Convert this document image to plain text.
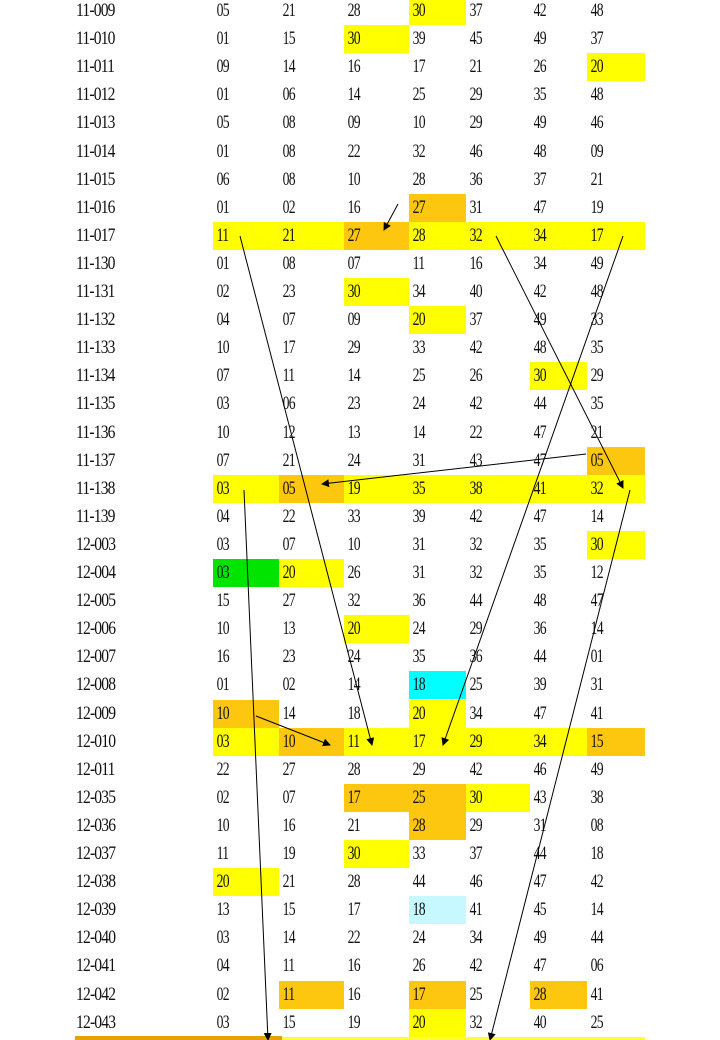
11-009	05	21	28	30	37	42	48
11-010	01	15	30	39	45	49	37
11-011	09	14	16	17	21	26	20
11-012	01	06	14	25	29	35	48
11-013	05	08	09	10	29	49	46
11-014	01	08	22	32	46	48	09
11-015	06	08	10	28	36	37	21
11-016	01	02	16	27	31	47	19
11-017	11	21	27	28	32	34	17
11-130	01	08	07	11	16	34	49
11-131	02	23	30	34	40	42	48
11-132	04	07	09	20	37	49	33
11-133	10	17	29	33	42	48	35
11-134	07	11	14	25	26	30	29
11-135	03	06	23	24	42	44	35
11-136	10	12	13	14	22	47	21
11-137	07	21	24	31	43	47	05
11-138	03	05	19	35	38	41	32
11-139	04	22	33	39	42	47	14
12-003	03	07	10	31	32	35	30
12-004	03	20	26	31	32	35	12
12-005	15	27	32	36	44	48	47
12-006	10	13	20	24	29	36	14
12-007	16	23	24	35	36	44	01
12-008	01	02	14	18	25	39	31
12-009	10	14	18	20	34	47	41
12-010	03	10	11	17	29	34	15
12-011	22	27	28	29	42	46	49
12-035	02	07	17	25	30	43	38
12-036	10	16	21	28	29	31	08
12-037	11	19	30	33	37	44	18
12-038	20	21	28	44	46	47	42
12-039	13	15	17	18	41	45	14
12-040	03	14	22	24	34	49	44
12-041	04	11	16	26	42	47	06
12-042	02	11	16	17	25	28	41
12-043	03	15	19	20	32	40	25
